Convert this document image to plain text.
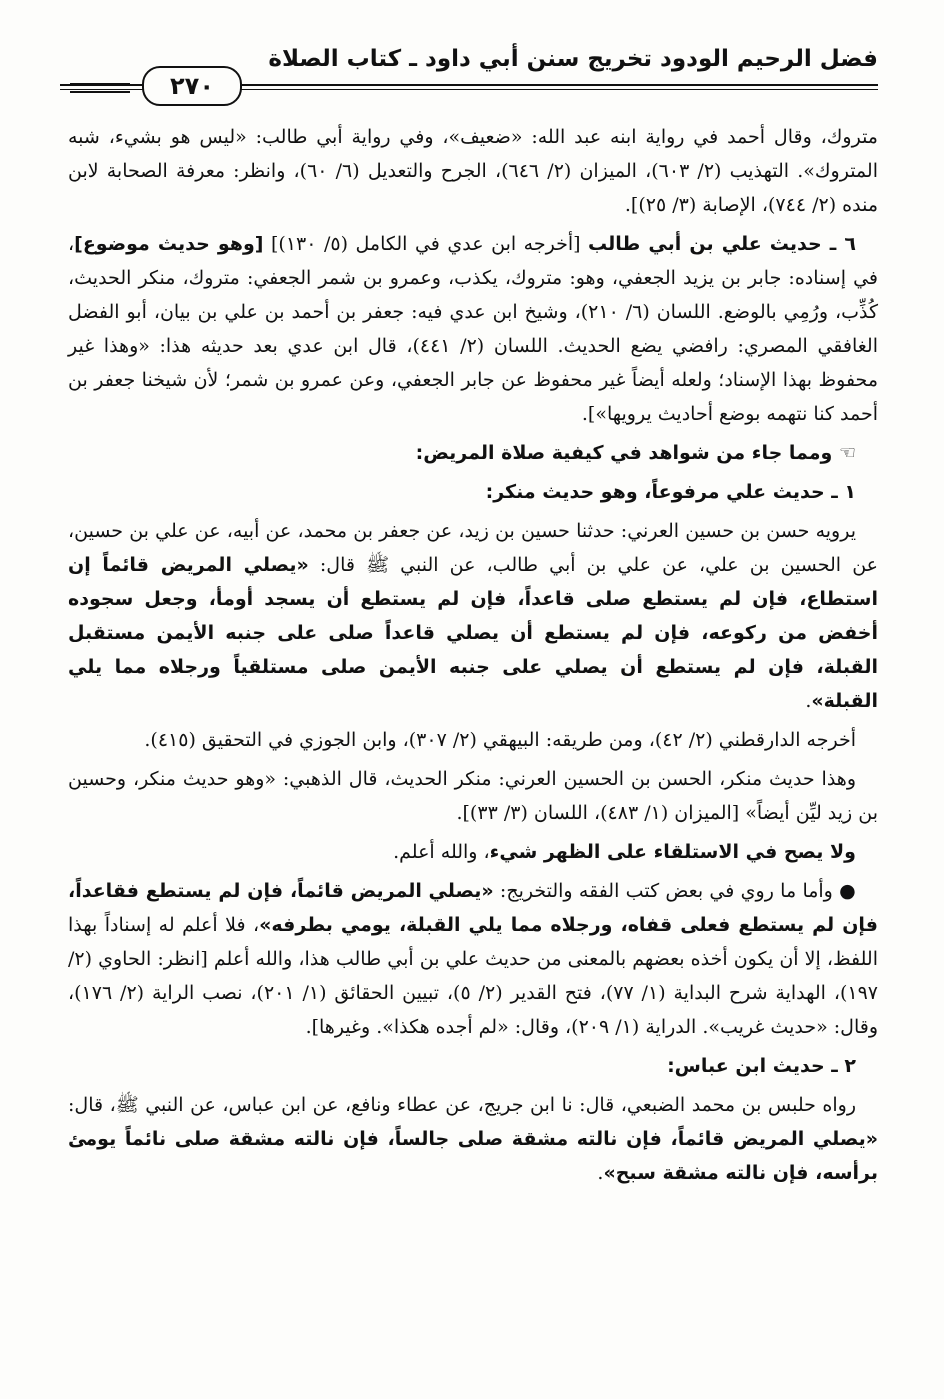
فضل الرحيم الودود تخريج سنن أبي داود ـ كتاب الصلاة
٢٧٠

متروك، وقال أحمد في رواية ابنه عبد الله: «ضعيف»، وفي رواية أبي طالب: «ليس هو بشيء، شبه المتروك». التهذيب (٢/ ٦٠٣)، الميزان (٢/ ٦٤٦)، الجرح والتعديل (٦/ ٦٠)، وانظر: معرفة الصحابة لابن منده (٢/ ٧٤٤)، الإصابة (٣/ ٢٥)].

٦ ـ حديث علي بن أبي طالب [أخرجه ابن عدي في الكامل (٥/ ١٣٠)] [وهو حديث موضوع]، في إسناده: جابر بن يزيد الجعفي، وهو: متروك، يكذب، وعمرو بن شمر الجعفي: متروك، منكر الحديث، كُذِّب، ورُمِي بالوضع. اللسان (٦/ ٢١٠)، وشيخ ابن عدي فيه: جعفر بن أحمد بن علي بن بيان، أبو الفضل الغافقي المصري: رافضي يضع الحديث. اللسان (٢/ ٤٤١)، قال ابن عدي بعد حديثه هذا: «وهذا غير محفوظ بهذا الإسناد؛ ولعله أيضاً غير محفوظ عن جابر الجعفي، وعن عمرو بن شمر؛ لأن شيخنا جعفر بن أحمد كنا نتهمه بوضع أحاديث يرويها»].

☜ ومما جاء من شواهد في كيفية صلاة المريض:

١ ـ حديث علي مرفوعاً، وهو حديث منكر:

يرويه حسن بن حسين العرني: حدثنا حسين بن زيد، عن جعفر بن محمد، عن أبيه، عن علي بن حسين، عن الحسين بن علي، عن علي بن أبي طالب، عن النبي ﷺ قال: «يصلي المريض قائماً إن استطاع، فإن لم يستطع صلى قاعداً، فإن لم يستطع أن يسجد أومأ، وجعل سجوده أخفض من ركوعه، فإن لم يستطع أن يصلي قاعداً صلى على جنبه الأيمن مستقبل القبلة، فإن لم يستطع أن يصلي على جنبه الأيمن صلى مستلقياً ورجلاه مما يلي القبلة».

أخرجه الدارقطني (٢/ ٤٢)، ومن طريقه: البيهقي (٢/ ٣٠٧)، وابن الجوزي في التحقيق (٤١٥).

وهذا حديث منكر، الحسن بن الحسين العرني: منكر الحديث، قال الذهبي: «وهو حديث منكر، وحسين بن زيد ليِّن أيضاً» [الميزان (١/ ٤٨٣)، اللسان (٣/ ٣٣)].

ولا يصح في الاستلقاء على الظهر شيء، والله أعلم.

● وأما ما روي في بعض كتب الفقه والتخريج: «يصلي المريض قائماً، فإن لم يستطع فقاعداً، فإن لم يستطع فعلى قفاه، ورجلاه مما يلي القبلة، يومي بطرفه»، فلا أعلم له إسناداً بهذا اللفظ، إلا أن يكون أخذه بعضهم بالمعنى من حديث علي بن أبي طالب هذا، والله أعلم [انظر: الحاوي (٢/ ١٩٧)، الهداية شرح البداية (١/ ٧٧)، فتح القدير (٢/ ٥)، تبيين الحقائق (١/ ٢٠١)، نصب الراية (٢/ ١٧٦)، وقال: «حديث غريب». الدراية (١/ ٢٠٩)، وقال: «لم أجده هكذا». وغيرها].

٢ ـ حديث ابن عباس:

رواه حلبس بن محمد الضبعي، قال: نا ابن جريج، عن عطاء ونافع، عن ابن عباس، عن النبي ﷺ، قال: «يصلي المريض قائماً، فإن نالته مشقة صلى جالساً، فإن نالته مشقة صلى نائماً يومئ برأسه، فإن نالته مشقة سبح».
